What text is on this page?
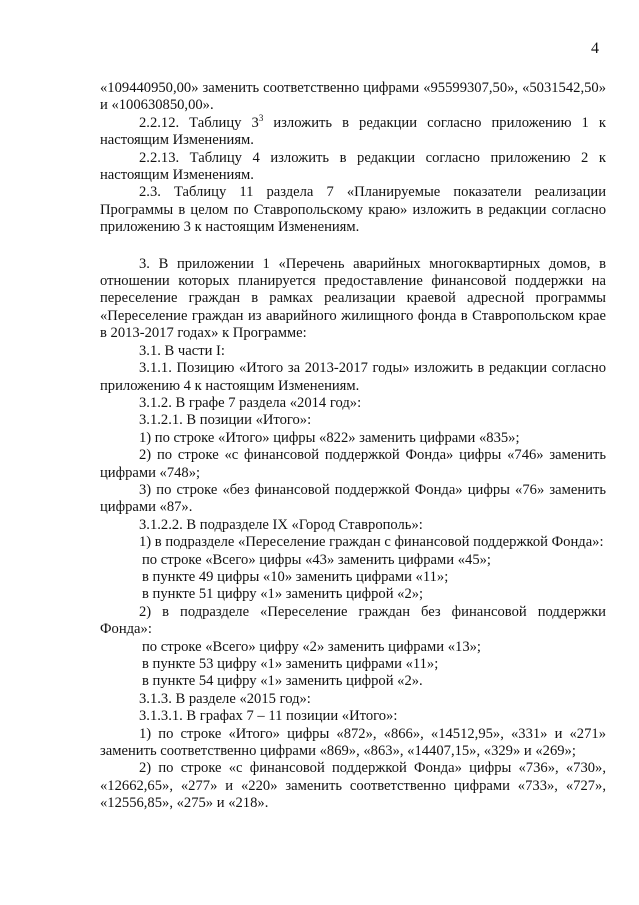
4

«109440950,00» заменить соответственно цифрами «95599307,50», «5031542,50» и «100630850,00».

2.2.12. Таблицу $3^3$ изложить в редакции согласно приложению 1 к настоящим Изменениям.

2.2.13. Таблицу 4 изложить в редакции согласно приложению 2 к настоящим Изменениям.

2.3. Таблицу 11 раздела 7 «Планируемые показатели реализации Программы в целом по Ставропольскому краю» изложить в редакции согласно приложению 3 к настоящим Изменениям.

3. В приложении 1 «Перечень аварийных многоквартирных домов, в отношении которых планируется предоставление финансовой поддержки на переселение граждан в рамках реализации краевой адресной программы «Переселение граждан из аварийного жилищного фонда в Ставропольском крае в 2013-2017 годах» к Программе:

3.1. В части I:

3.1.1. Позицию «Итого за 2013-2017 годы» изложить в редакции согласно приложению 4 к настоящим Изменениям.

3.1.2. В графе 7 раздела «2014 год»:

3.1.2.1. В позиции «Итого»:

1) по строке «Итого» цифры «822» заменить цифрами «835»;

2) по строке «с финансовой поддержкой Фонда» цифры «746» заменить цифрами «748»;

3) по строке «без финансовой поддержкой Фонда» цифры «76» заменить цифрами «87».

3.1.2.2. В подразделе IX «Город Ставрополь»:

1) в подразделе «Переселение граждан с финансовой поддержкой Фонда»:

по строке «Всего» цифры «43» заменить цифрами «45»;

в пункте 49 цифры «10» заменить цифрами «11»;

в пункте 51 цифру «1» заменить цифрой «2»;

2) в подразделе «Переселение граждан без финансовой поддержки Фонда»:

по строке «Всего» цифру «2» заменить цифрами «13»;

в пункте 53 цифру «1» заменить цифрами «11»;

в пункте 54 цифру «1» заменить цифрой «2».

3.1.3. В разделе «2015 год»:

3.1.3.1. В графах 7 – 11 позиции «Итого»:

1) по строке «Итого» цифры «872», «866», «14512,95», «331» и «271» заменить соответственно цифрами «869», «863», «14407,15», «329» и «269»;

2) по строке «с финансовой поддержкой Фонда» цифры «736», «730», «12662,65», «277» и «220» заменить соответственно цифрами «733», «727», «12556,85», «275» и «218».
